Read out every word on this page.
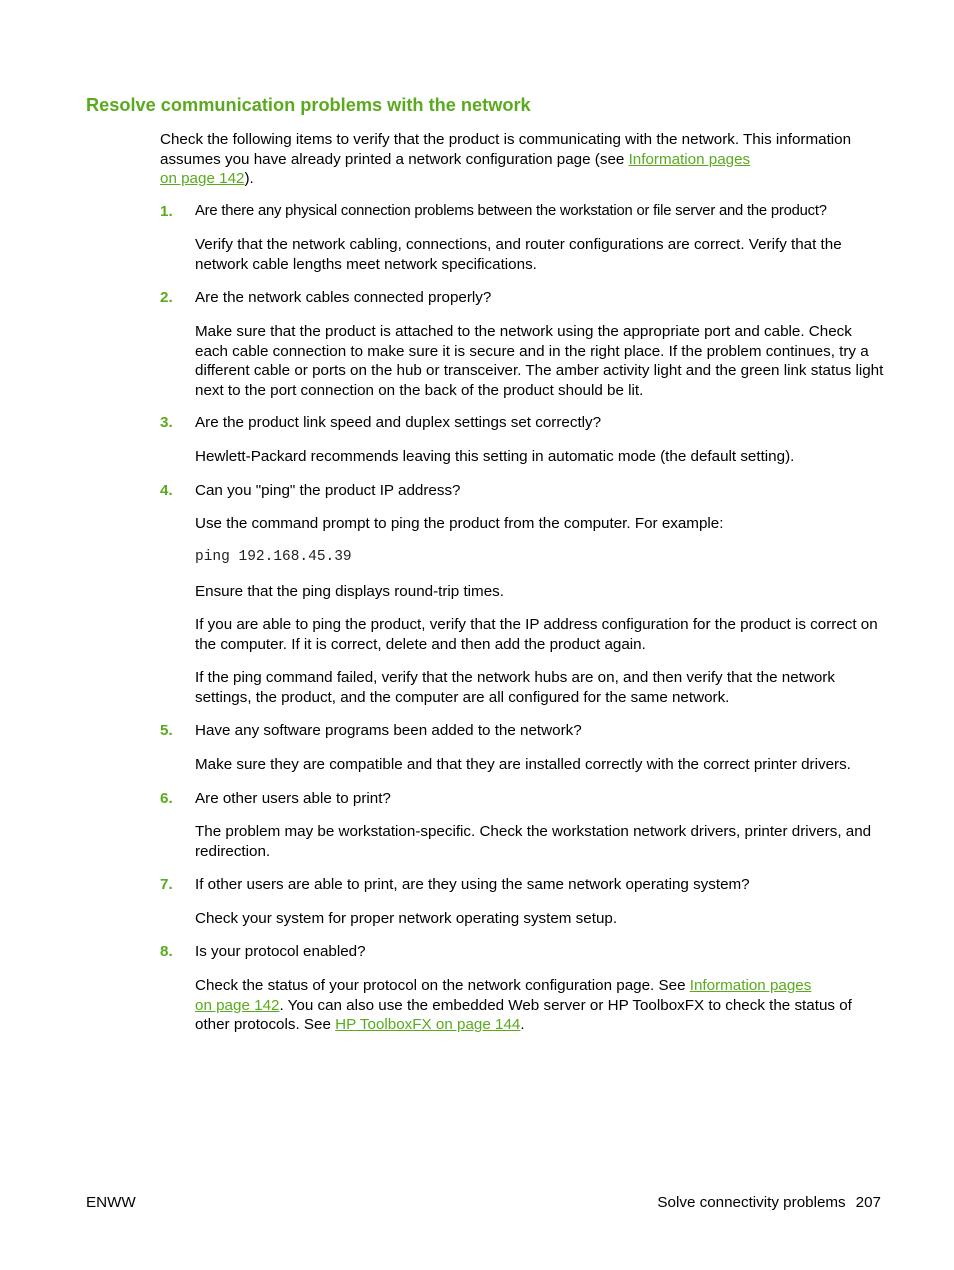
Resolve communication problems with the network
Check the following items to verify that the product is communicating with the network. This information assumes you have already printed a network configuration page (see Information pages
on page 142).
1.	Are there any physical connection problems between the workstation or file server and the product?
Verify that the network cabling, connections, and router configurations are correct. Verify that the network cable lengths meet network specifications.
2.	Are the network cables connected properly?
Make sure that the product is attached to the network using the appropriate port and cable. Check each cable connection to make sure it is secure and in the right place. If the problem continues, try a different cable or ports on the hub or transceiver. The amber activity light and the green link status light next to the port connection on the back of the product should be lit.
3.	Are the product link speed and duplex settings set correctly?
Hewlett-Packard recommends leaving this setting in automatic mode (the default setting).
4.	Can you "ping" the product IP address?
Use the command prompt to ping the product from the computer. For example:
ping 192.168.45.39
Ensure that the ping displays round-trip times.
If you are able to ping the product, verify that the IP address configuration for the product is correct on the computer. If it is correct, delete and then add the product again.
If the ping command failed, verify that the network hubs are on, and then verify that the network settings, the product, and the computer are all configured for the same network.
5.	Have any software programs been added to the network?
Make sure they are compatible and that they are installed correctly with the correct printer drivers.
6.	Are other users able to print?
The problem may be workstation-specific. Check the workstation network drivers, printer drivers, and redirection.
7.	If other users are able to print, are they using the same network operating system?
Check your system for proper network operating system setup.
8.	Is your protocol enabled?
Check the status of your protocol on the network configuration page. See Information pages
on page 142. You can also use the embedded Web server or HP ToolboxFX to check the status of other protocols. See HP ToolboxFX on page 144.
ENWW	Solve connectivity problems 207
